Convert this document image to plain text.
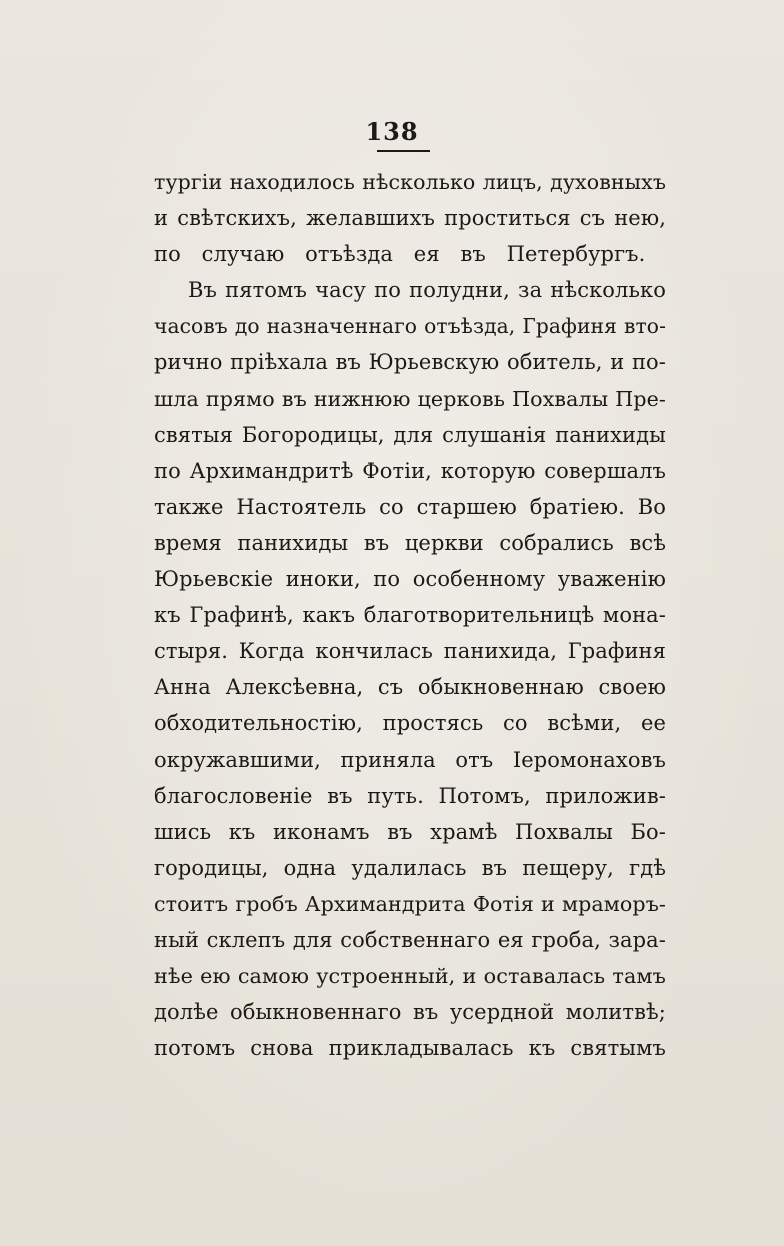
138
тургіи находилось нѣсколько лицъ, духовныхъ
и свѣтскихъ, желавшихъ проститься съ нею,
по случаю отъѣзда ея въ Петербургъ.
Въ пятомъ часу по полудни, за нѣсколько
часовъ до назначеннаго отъѣзда, Графиня вто-
рично пріѣхала въ Юрьевскую обитель, и по-
шла прямо въ нижнюю церковь Похвалы Пре-
святыя Богородицы, для слушанія панихиды
по Архимандритѣ Фотіи, которую совершалъ
также Настоятель со старшею братіею. Во
время панихиды въ церкви собрались всѣ
Юрьевскіе иноки, по особенному уваженію
къ Графинѣ, какъ благотворительницѣ мона-
стыря. Когда кончилась панихида, Графиня
Анна Алексѣевна, съ обыкновеннаю своею
обходительностію, простясь со всѣми, ее
окружавшими, приняла отъ Іеромонаховъ
благословеніе въ путь. Потомъ, приложив-
шись къ иконамъ въ храмѣ Похвалы Бо-
городицы, одна удалилась въ пещеру, гдѣ
стоитъ гробъ Архимандрита Фотія и мраморъ-
ный склепъ для собственнаго ея гроба, зара-
нѣе ею самою устроенный, и оставалась тамъ
долѣе обыкновеннаго въ усердной молитвѣ;
потомъ снова прикладывалась къ святымъ
